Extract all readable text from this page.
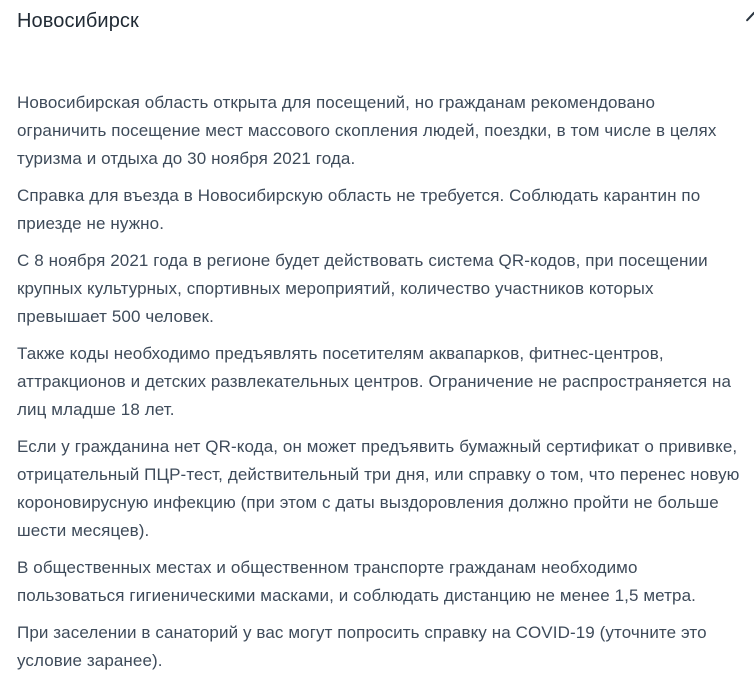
Новосибирск

Новосибирская область открыта для посещений, но гражданам рекомендовано ограничить посещение мест массового скопления людей, поездки, в том числе в целях туризма и отдыха до 30 ноября 2021 года.

Справка для въезда в Новосибирскую область не требуется. Соблюдать карантин по приезде не нужно.

С 8 ноября 2021 года в регионе будет действовать система QR-кодов, при посещении крупных культурных, спортивных мероприятий, количество участников которых превышает 500 человек.

Также коды необходимо предъявлять посетителям аквапарков, фитнес-центров, аттракционов и детских развлекательных центров. Ограничение не распространяется на лиц младше 18 лет.

Если у гражданина нет QR-кода, он может предъявить бумажный сертификат о прививке, отрицательный ПЦР-тест, действительный три дня, или справку о том, что перенес новую короновирусную инфекцию (при этом с даты выздоровления должно пройти не больше шести месяцев).

В общественных местах и общественном транспорте гражданам необходимо пользоваться гигиеническими масками, и соблюдать дистанцию не менее 1,5 метра.

При заселении в санаторий у вас могут попросить справку на COVID-19 (уточните это условие заранее).
